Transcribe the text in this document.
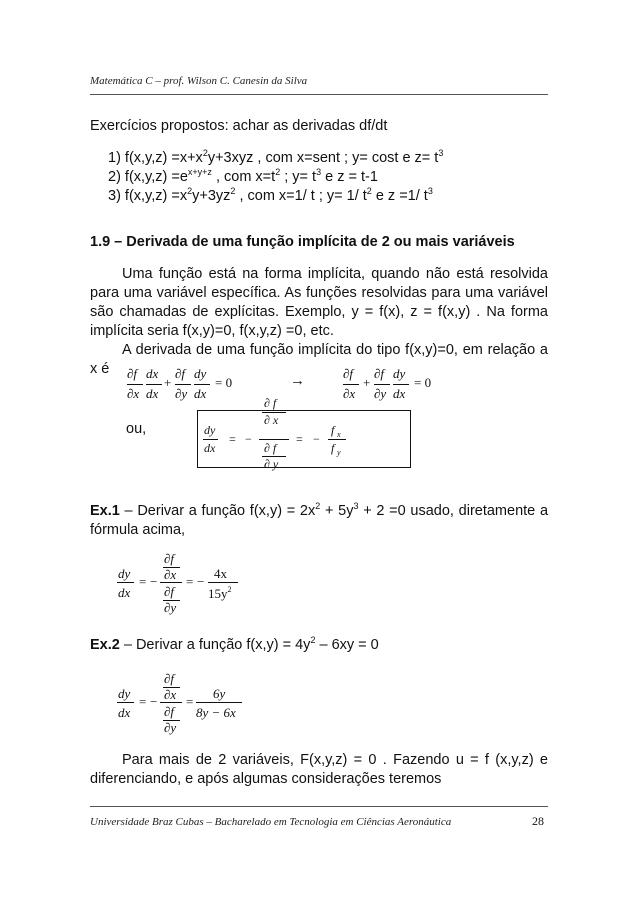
Matemática C – prof. Wilson C. Canesin da Silva
Exercícios propostos: achar as derivadas df/dt
1) $f(x,y,z) =x+x^2y+3xyz$ , com x=sent ; y= cost e $z= t^3$
2) $f(x,y,z) =e^{x+y+z}$ , com $x=t^2$ ; $y= t^3$ e z = t-1
3) $f(x,y,z) =x^2y+3yz^2$ , com x=1/ t ; y= 1/ $t^2$ e z =1/ $t^3$
1.9 – Derivada de uma função implícita de 2 ou mais variáveis
Uma função está na forma implícita, quando não está resolvida para uma variável específica. As funções resolvidas para uma variável são chamadas de explícitas. Exemplo, y = f(x), z = f(x,y) . Na forma implícita seria f(x,y)=0, f(x,y,z) =0, etc.
A derivada de uma função implícita do tipo f(x,y)=0, em relação a x é	∂f
∂x
dx
dx
+
∂f
∂y
dy
dx
= 0	→	∂f
∂x
+
∂f
∂y
dy
dx
= 0
ou,	dy
dx
= −
∂ f
∂ x
∂ f
∂ y
= −
f x
f y
Ex.1 – Derivar a função $f(x,y) = 2x^2 + 5y^3 + 2 =0$ usado, diretamente a fórmula acima,
dy
dx
= −
∂f
∂x
∂f
∂y
= −
4x
$15y^2$
Ex.2 – Derivar a função $f(x,y) = 4y^2 - 6xy = 0$
dy
dx
= −
∂f
∂x
∂f
∂y
=
6y
8y − 6x
Para mais de 2 variáveis, F(x,y,z) = 0 . Fazendo u = f (x,y,z) e diferenciando, e após algumas considerações teremos
Universidade Braz Cubas – Bacharelado em Tecnologia em Ciências Aeronáutica	28
